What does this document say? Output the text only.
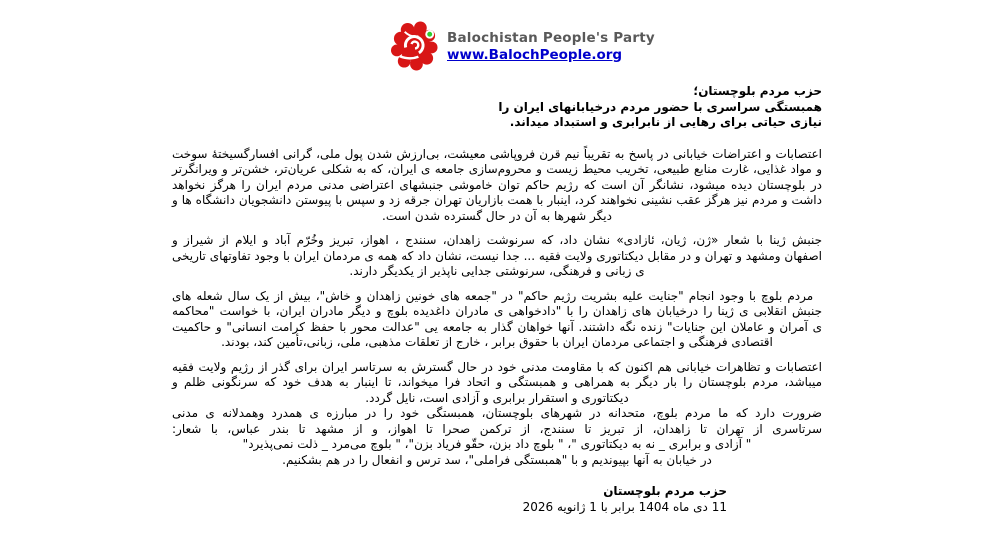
Balochistan People's Party
www.BalochPeople.org
حزب مردم بلوچستان؛
همبستگی سراسری با حضور مردم درخیابانهای ایران را
نیازی حیاتی برای رهایی از نابرابری و استبداد میداند.

اعتصابات و اعتراضات خیابانی در پاسخ به تقریباً نیم قرن فروپاشی معیشت، بی‌ارزش شدن پول ملی، گرانی افسارگسیختۀ سوخت
و مواد غذایی، غارت منابع طبیعی، تخریب محیط زیست و محروم‌سازی جامعه ی ایران، که به شکلی عریان‌تر، خشن‌تر و ویرانگرتر
در بلوچستان دیده میشود، نشانگر آن است که رژیم حاکم توان خاموشی جنبشهای اعتراضی مدنی مردم ایران را هرگز نخواهد
داشت و مردم نیز هرگز عقب نشینی نخواهند کرد، اینبار با همت بازاریان تهران جرقه زد و سپس با پیوستن دانشجویان دانشگاه ها و
دیگر شهرها به آن در حال گسترده شدن است.

جنبش ژینا با شعار «ژن، ژیان، ئازادی» نشان داد، که سرنوشت زاهدان، سنندج ، اهواز، تبریز وخُرّم آباد و ایلام از شیراز و
اصفهان ومشهد و تهران و در مقابل دیکتاتوری ولایت فقیه ... جدا نیست، نشان داد که همه ی مردمان ایران با وجود تفاوتهای تاریخی
ی زبانی و فرهنگی، سرنوشتی جدایی ناپذیر از یکدیگر دارند.

مردم بلوچ با وجود انجام "جنایت علیه بشریت رژیم حاکم" در "جمعه های خونین زاهدان و خاش"، بیش از یک سال شعله های
جنبش انقلابی ی ژینا را درخیابان های زاهدان را با "دادخواهی ی مادران داغدیده بلوچ و دیگر مادران ایران، با خواست "محاکمه
ی آمران و عاملان این جنایات" زنده نگه داشتند. آنها خواهان گذار به جامعه یی "عدالت محور با حفظ کرامت انسانی" و حاکمیت
اقتصادی فرهنگی و اجتماعی مردمان ایران با حقوق برابر ، خارج از تعلقات مذهبی، ملی، زبانی،تأمین کند، بودند.

اعتصابات و تظاهرات خیابانی هم اکنون که با مقاومت مدنی خود در حال گسترش به سرتاسر ایران برای گذر از رژیم ولایت فقیه
میباشد، مردم بلوچستان را بار دیگر به همراهی و همبستگی و اتحاد فرا میخواند، تا اینبار به هدف خود که سرنگونی ظلم و
دیکتاتوری و استقرار برابری و آزادی است، نایل گردد.
ضرورت دارد که ما مردم بلوچ، متحدانه در شهرهای بلوچستان، همبستگی خود را در مبارزه ی همدرد وهمدلانه ی مدنی
سرتاسری از تهران تا زاهدان، از تبریز تا سنندج، از ترکمن صحرا تا اهواز، و از مشهد تا بندر عباس، با شعار:
" آزادی و برابری _ نه به دیکتاتوری "، " بلوچ داد بزن، حقّو فریاد بزن"، " بلوچ می‌مرد _ ذلت نمی‌پذیرد"
در خیابان به آنها بپیوندیم و با "همبستگی فراملی"، سد ترس و انفعال را در هم بشکنیم.

حزب مردم بلوچستان
11 دی ماه 1404 برابر با 1 ژانویه 2026
